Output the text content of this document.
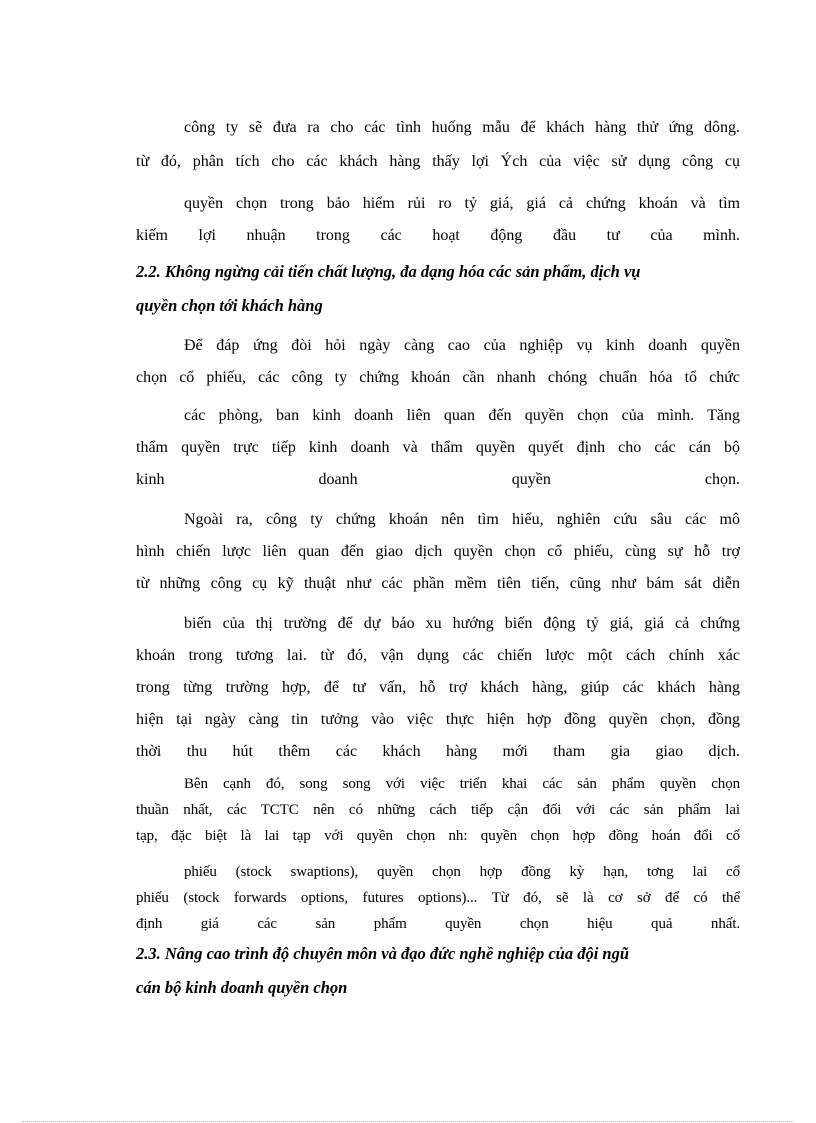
công ty sẽ đưa ra cho các tình huống mẫu để khách hàng thử ứng dông.
từ đó, phân tích cho các khách hàng thấy lợi Ých của việc sử dụng công cụ
quyền chọn trong bảo hiểm rủi ro tỷ giá, giá cả chứng khoán và tìm
kiếm lợi nhuận trong các hoạt động đầu tư của mình.
2.2. Không ngừng cải tiến chất lượng, đa dạng hóa các sản phẩm, dịch vụ
quyền chọn tới khách hàng
Để đáp ứng đòi hỏi ngày càng cao của nghiệp vụ kinh doanh quyền
chọn cổ phiếu, các công ty chứng khoán cần nhanh chóng chuẩn hóa tổ chức
các phòng, ban kinh doanh liên quan đến quyền chọn của mình. Tăng
thẩm quyền trực tiếp kinh doanh và thẩm quyền quyết định cho các cán bộ
kinh doanh quyền chọn.
Ngoài ra, công ty chứng khoán nên tìm hiểu, nghiên cứu sâu các mô
hình chiến lược liên quan đến giao dịch quyền chọn cổ phiếu, cùng sự hỗ trợ
từ những công cụ kỹ thuật như các phần mềm tiên tiến, cũng như bám sát diễn
biến của thị trường để dự báo xu hướng biến động tỷ giá, giá cả chứng
khoán trong tương lai. từ đó, vận dụng các chiến lược một cách chính xác
trong từng trường hợp, để tư vấn, hỗ trợ khách hàng, giúp các khách hàng
hiện tại ngày càng tin tưởng vào việc thực hiện hợp đồng quyền chọn, đồng
thời thu hút thêm các khách hàng mới tham gia giao dịch.
Bên cạnh đó, song song với việc triển khai các sản phẩm quyền chọn
thuần nhất, các TCTC nên có những cách tiếp cận đối với các sản phẩm lai
tạp, đặc biệt là lai tạp với quyền chọn nh: quyền chọn hợp đồng hoán đổi cổ
phiếu (stock swaptions), quyền chọn hợp đồng kỳ hạn, tơng lai cổ
phiếu (stock forwards options, futures options)... Từ đó, sẽ là cơ sở để có thể
định giá các sản phẩm quyền chọn hiệu quả nhất.
2.3. Nâng cao trình độ chuyên môn và đạo đức nghề nghiệp của đội ngũ
cán bộ kinh doanh quyền chọn
